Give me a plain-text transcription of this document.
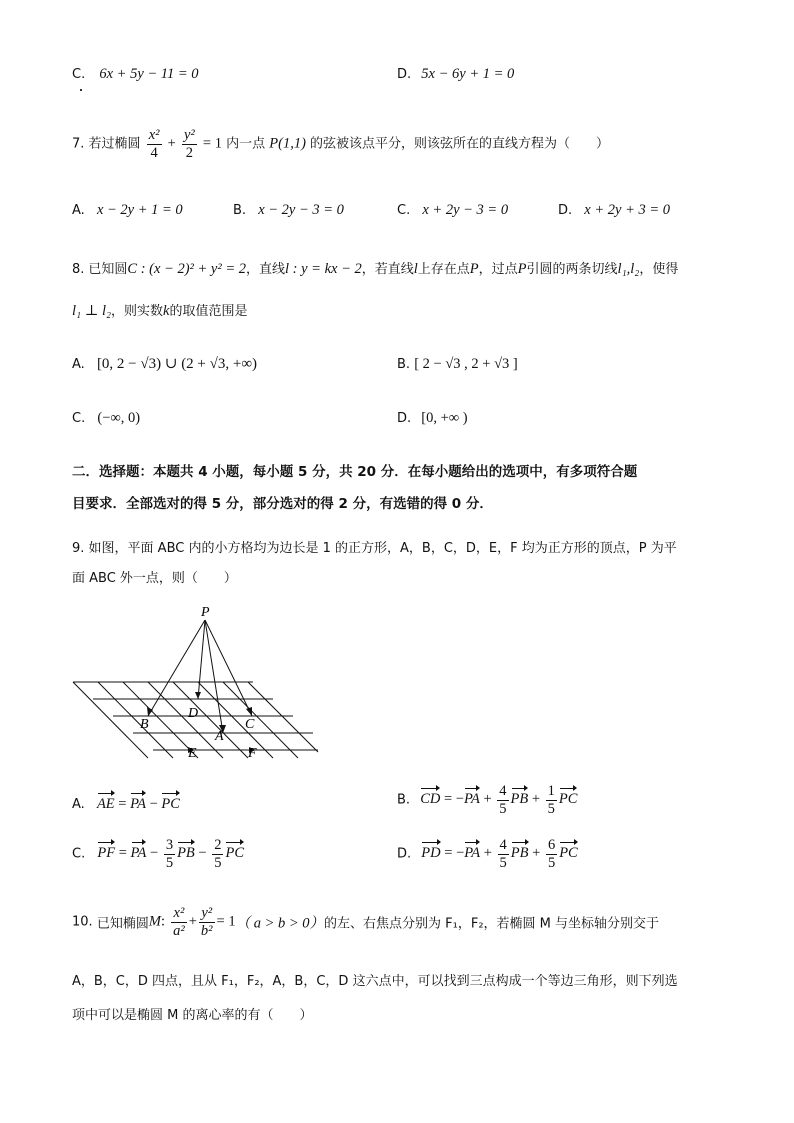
C. 6x + 5y − 11 = 0	D. 5x − 6y + 1 = 0
7. 若过椭圆 $\frac{\text{x²}}{4} + \frac{\text{y²}}{2} = 1$ 内一点 P(1,1) 的弦被该点平分，则该弦所在的直线方程为（　　）
A. x − 2y + 1 = 0	B. x − 2y − 3 = 0	C. x + 2y − 3 = 0	D. x + 2y + 3 = 0
8. 已知圆C : (x − 2)² + y² = 2，直线l : y = kx − 2，若直线l上存在点P，过点P引圆的两条切线l₁,l₂，使得
l₁ ⊥ l₂，则实数k的取值范围是
A. [0, 2 − √3) ∪ (2 + √3, +∞)	B. [ 2 − √3 , 2 + √3 ]
C. (−∞, 0)	D. [0, +∞ )
二．选择题：本题共 4 小题，每小题 5 分，共 20 分．在每小题给出的选项中，有多项符合题
目要求．全部选对的得 5 分，部分选对的得 2 分，有选错的得 0 分．
9. 如图，平面 ABC 内的小方格均为边长是 1 的正方形，A，B，C，D，E，F 均为正方形的顶点，P 为平
面 ABC 外一点，则（　　）
P
B
D
C
A
E	F
A. AE = PA − PC	B. CD = $-PA + \frac{4}{5}$ PB + $\frac{1}{5}$ PC
C. PF = PA − $\frac{3}{5}$ PB − $\frac{2}{5}$ PC	D. PD = $-PA + \frac{4}{5}$ PB + $\frac{6}{5}$ PC
10. 已知椭圆M: $\frac{\text{x²}}{\text{a²}} + \frac{\text{y²}}{\text{b²}} = 1$（ a > b > 0）的左、右焦点分别为 F₁，F₂，若椭圆 M 与坐标轴分别交于
A，B，C，D 四点，且从 F₁，F₂，A，B，C，D 这六点中，可以找到三点构成一个等边三角形，则下列选
项中可以是椭圆 M 的离心率的有（　　）
